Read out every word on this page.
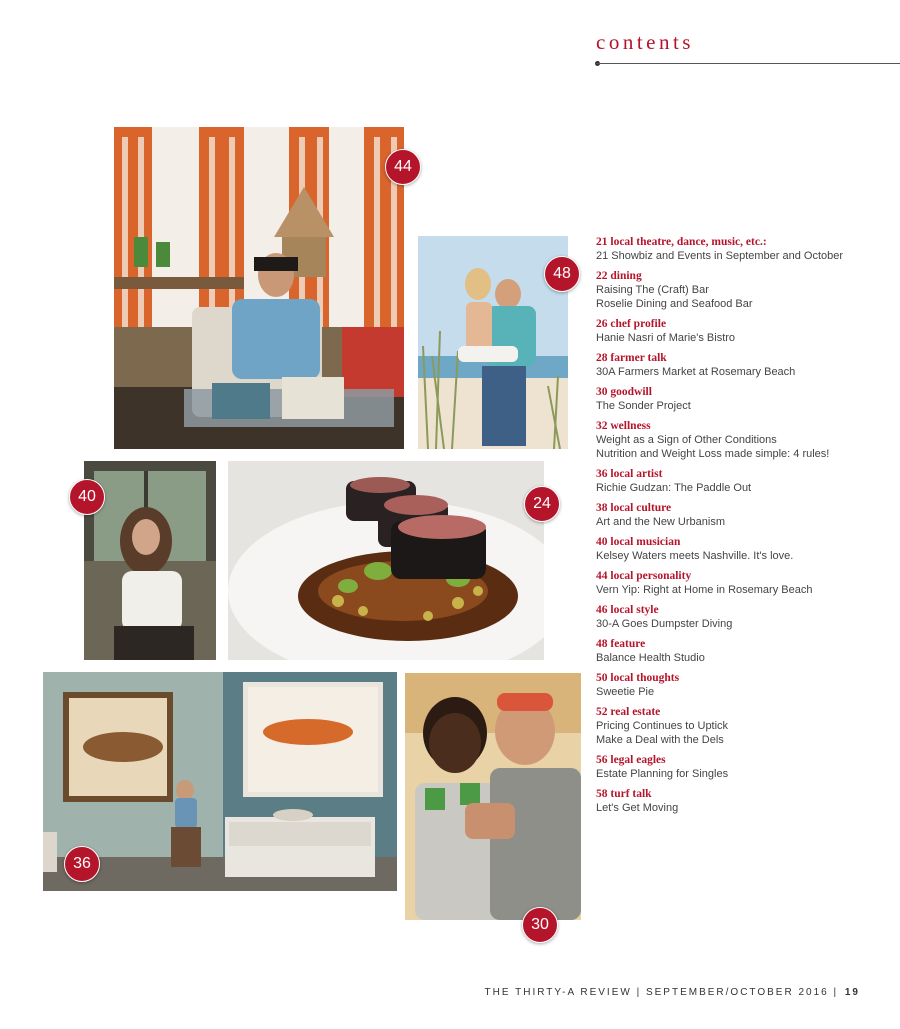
contents
44
48
40	24
36
30
21 local theatre, dance, music, etc.:
21 Showbiz and Events in September and October
22 dining
Raising The (Craft) Bar
Roselie Dining and Seafood Bar
26 chef profile
Hanie Nasri of Marie's Bistro
28 farmer talk
30A Farmers Market at Rosemary Beach
30 goodwill
The Sonder Project
32 wellness
Weight as a Sign of Other Conditions
Nutrition and Weight Loss made simple: 4 rules!
36 local artist
Richie Gudzan: The Paddle Out
38 local culture
Art and the New Urbanism
40 local musician
Kelsey Waters meets Nashville. It's love.
44 local personality
Vern Yip: Right at Home in Rosemary Beach
46 local style
30-A Goes Dumpster Diving
48 feature
Balance Health Studio
50 local thoughts
Sweetie Pie
52 real estate
Pricing Continues to Uptick
Make a Deal with the Dels
56 legal eagles
Estate Planning for Singles
58 turf talk
Let's Get Moving
THE THIRTY-A REVIEW | SEPTEMBER/OCTOBER 2016 | 19
